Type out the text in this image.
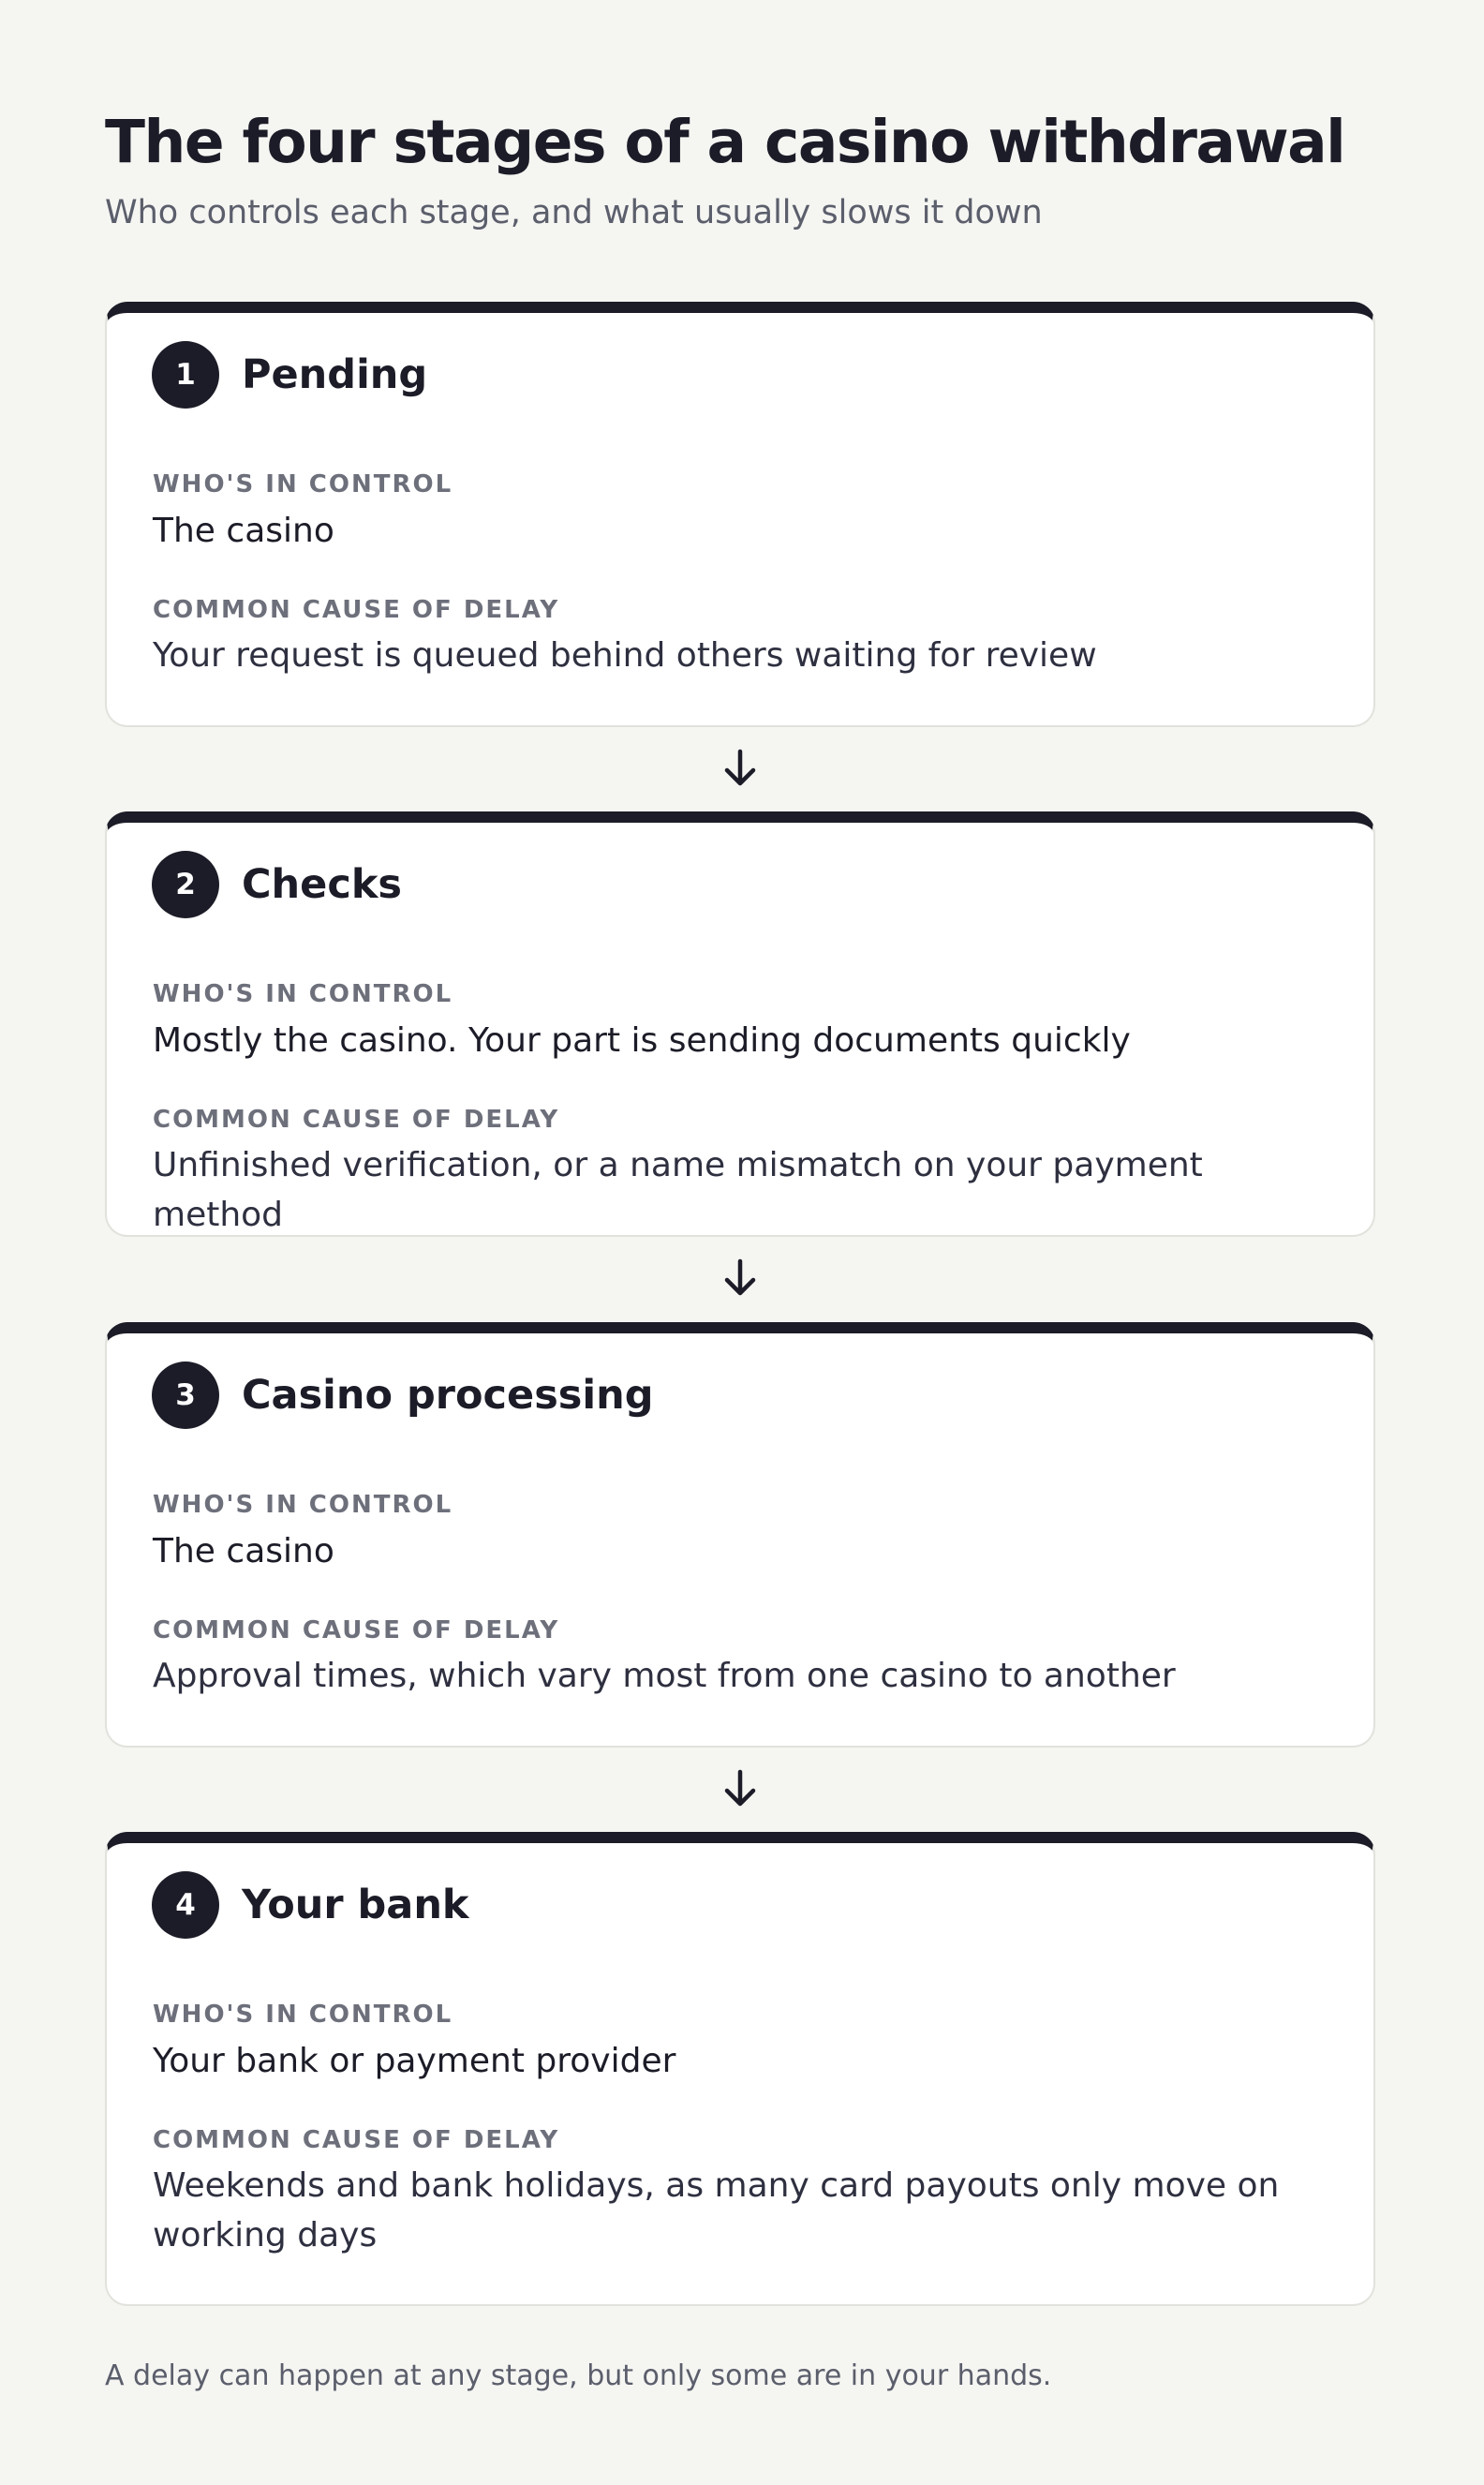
The four stages of a casino withdrawal

Who controls each stage, and what usually slows it down

1	Pending
WHO'S IN CONTROL
The casino
COMMON CAUSE OF DELAY
Your request is queued behind others waiting for review
2	Checks
WHO'S IN CONTROL
Mostly the casino. Your part is sending documents quickly
COMMON CAUSE OF DELAY
Unfinished verification, or a name mismatch on your payment method
3	Casino processing
WHO'S IN CONTROL
The casino
COMMON CAUSE OF DELAY
Approval times, which vary most from one casino to another
4	Your bank
WHO'S IN CONTROL
Your bank or payment provider
COMMON CAUSE OF DELAY
Weekends and bank holidays, as many card payouts only move on working days

A delay can happen at any stage, but only some are in your hands.
